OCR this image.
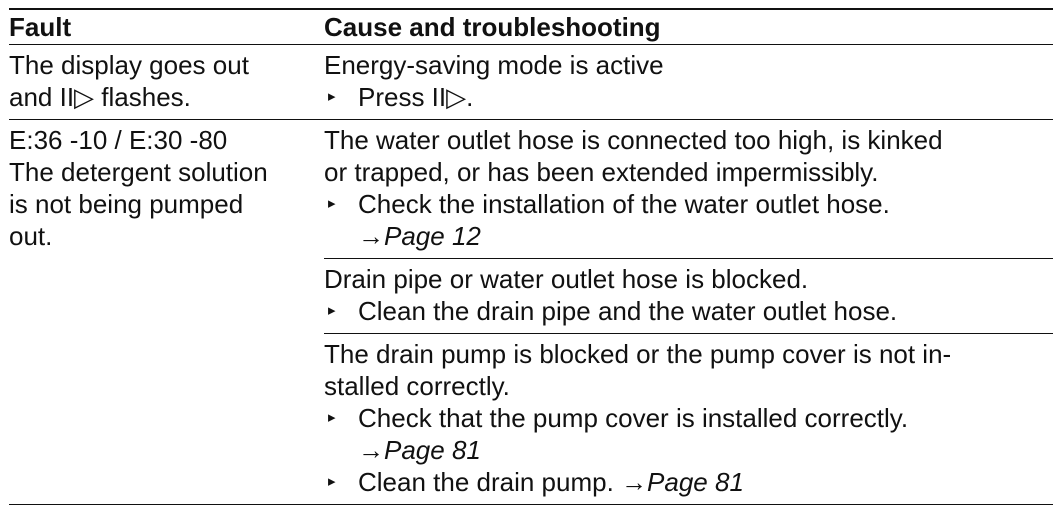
Fault	Cause and troubleshooting
The display goes out
and II▷ flashes.
Energy-saving mode is active
▸ Press II▷.
E:36 -10 / E:30 -80
The detergent solution
is not being pumped
out.
The water outlet hose is connected too high, is kinked
or trapped, or has been extended impermissibly.
▸ Check the installation of the water outlet hose.
→Page 12
Drain pipe or water outlet hose is blocked.
▸ Clean the drain pipe and the water outlet hose.
The drain pump is blocked or the pump cover is not in-
stalled correctly.
▸ Check that the pump cover is installed correctly.
→Page 81
▸ Clean the drain pump. →Page 81
